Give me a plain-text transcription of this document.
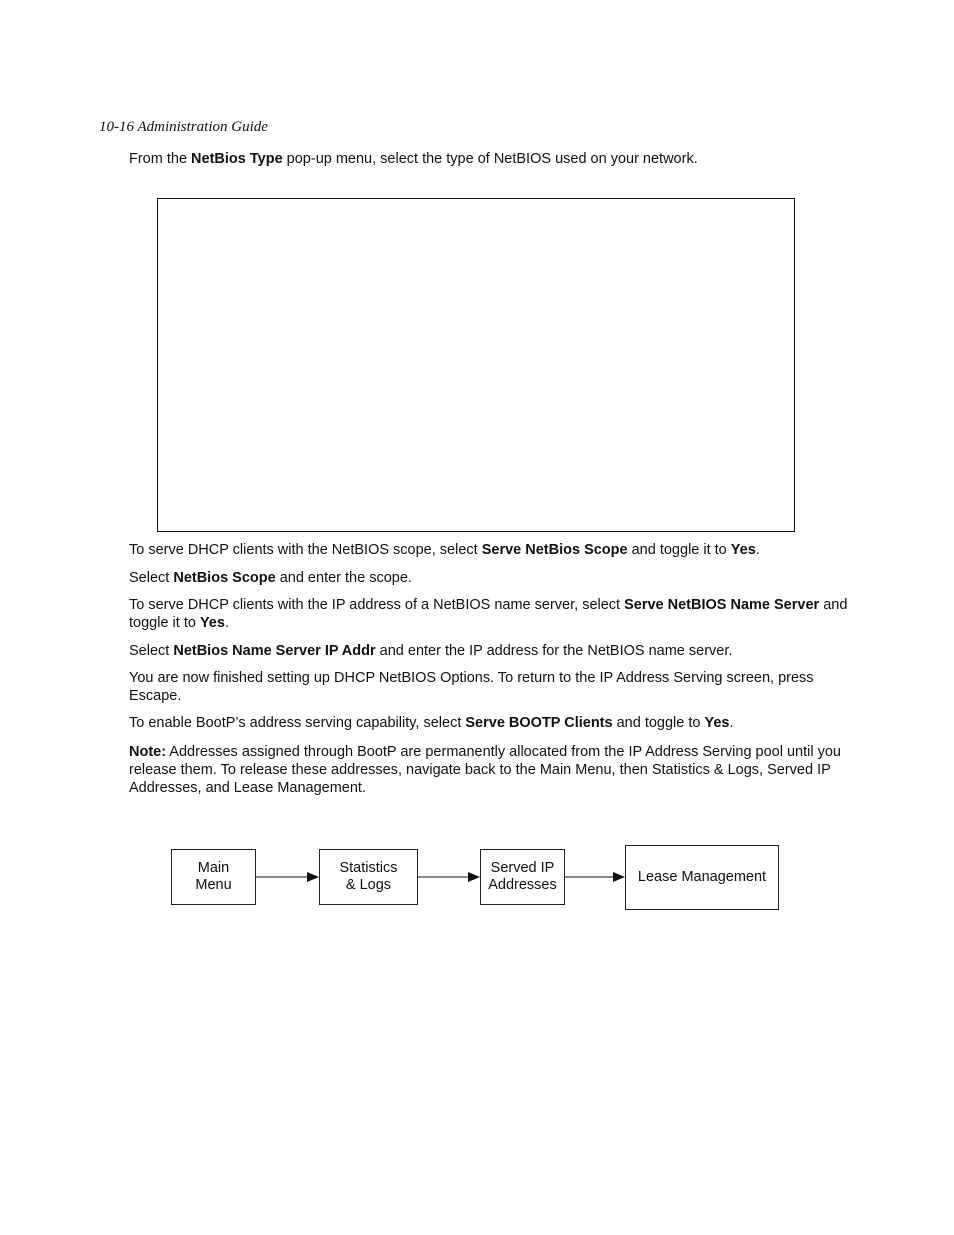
10-16 Administration Guide
From the NetBios Type pop-up menu, select the type of NetBIOS used on your network.
To serve DHCP clients with the NetBIOS scope, select Serve NetBios Scope and toggle it to Yes.
Select NetBios Scope and enter the scope.
To serve DHCP clients with the IP address of a NetBIOS name server, select Serve NetBIOS Name Server and toggle it to Yes.
Select NetBios Name Server IP Addr and enter the IP address for the NetBIOS name server.
You are now finished setting up DHCP NetBIOS Options. To return to the IP Address Serving screen, press Escape.
To enable BootP’s address serving capability, select Serve BOOTP Clients and toggle to Yes.
Note: Addresses assigned through BootP are permanently allocated from the IP Address Serving pool until you release them. To release these addresses, navigate back to the Main Menu, then Statistics & Logs, Served IP Addresses, and Lease Management.
Main
Menu
Statistics
& Logs
Served IP
Addresses	Lease Management
